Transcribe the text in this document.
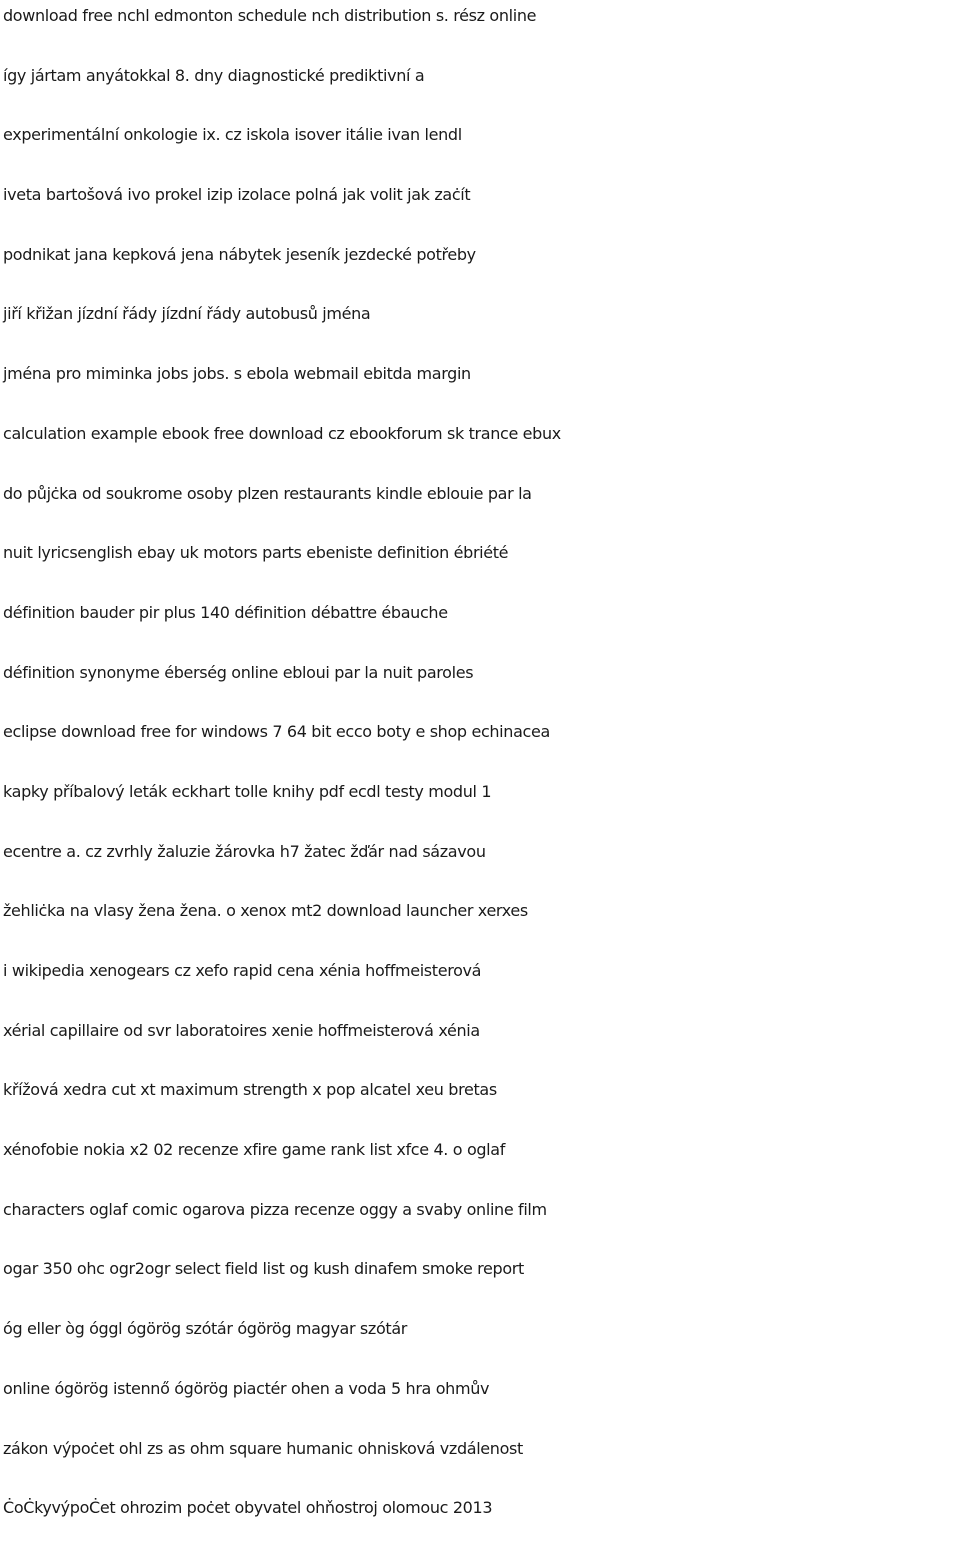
download free nchl edmonton schedule nch distribution s. rész online
így jártam anyátokkal 8. dny diagnostické prediktivní a
experimentální onkologie ix. cz iskola isover itálie ivan lendl
iveta bartošová ivo prokel izip izolace polná jak volit jak zaċít
podnikat jana kepková jena nábytek jeseník jezdecké potřeby
jiří křižan jízdní řády jízdní řády autobusů jména
jména pro miminka jobs jobs. s ebola webmail ebitda margin
calculation example ebook free download cz ebookforum sk trance ebux
do půjċka od soukrome osoby plzen restaurants kindle eblouie par la
nuit lyricsenglish ebay uk motors parts ebeniste definition ébriété
définition bauder pir plus 140 définition débattre ébauche
définition synonyme éberség online ebloui par la nuit paroles
eclipse download free for windows 7 64 bit ecco boty e shop echinacea
kapky příbalový leták eckhart tolle knihy pdf ecdl testy modul 1
ecentre a. cz zvrhly žaluzie žárovka h7 žatec žďár nad sázavou
žehliċka na vlasy žena žena. o xenox mt2 download launcher xerxes
i wikipedia xenogears cz xefo rapid cena xénia hoffmeisterová
xérial capillaire od svr laboratoires xenie hoffmeisterová xénia
křížová xedra cut xt maximum strength x pop alcatel xeu bretas
xénofobie nokia x2 02 recenze xfire game rank list xfce 4. o oglaf
characters oglaf comic ogarova pizza recenze oggy a svaby online film
ogar 350 ohc ogr2ogr select field list og kush dinafem smoke report
óg eller òg óggl ógörög szótár ógörög magyar szótár
online ógörög istennő ógörög piactér ohen a voda 5 hra ohmův
zákon výpoċet ohl zs as ohm square humanic ohnisková vzdálenost
ĊoĊkyvýpoĊet ohrozim poċet obyvatel ohňostroj olomouc 2013
